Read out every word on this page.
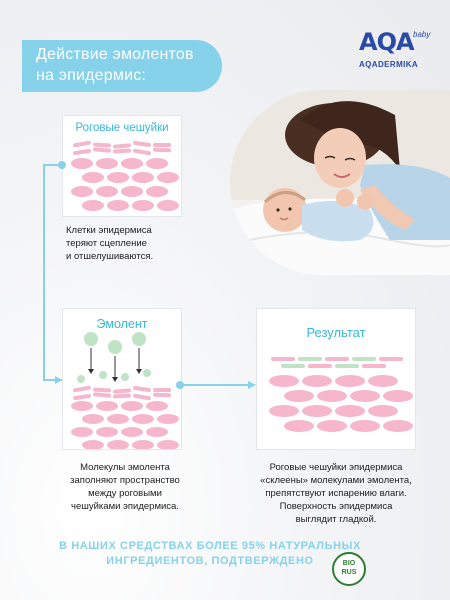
Действие эмолентов
на эпидермис:
AQA baby
AQADERMIKA
Роговые чешуйки
Клетки эпидермиса
теряют сцепление
и отшелушиваются.
Эмолент
Молекулы эмолента
заполняют пространство
между роговыми
чешуйками эпидермиса.
Результат
Роговые чешуйки эпидермиса
«склеены» молекулами эмолента,
препятствуют испарению влаги.
Поверхность эпидермиса
выглядит гладкой.
В НАШИХ СРЕДСТВАХ БОЛЕЕ 95% НАТУРАЛЬНЫХ
ИНГРЕДИЕНТОВ, ПОДТВЕРЖДЕНО	BIO
RUS
